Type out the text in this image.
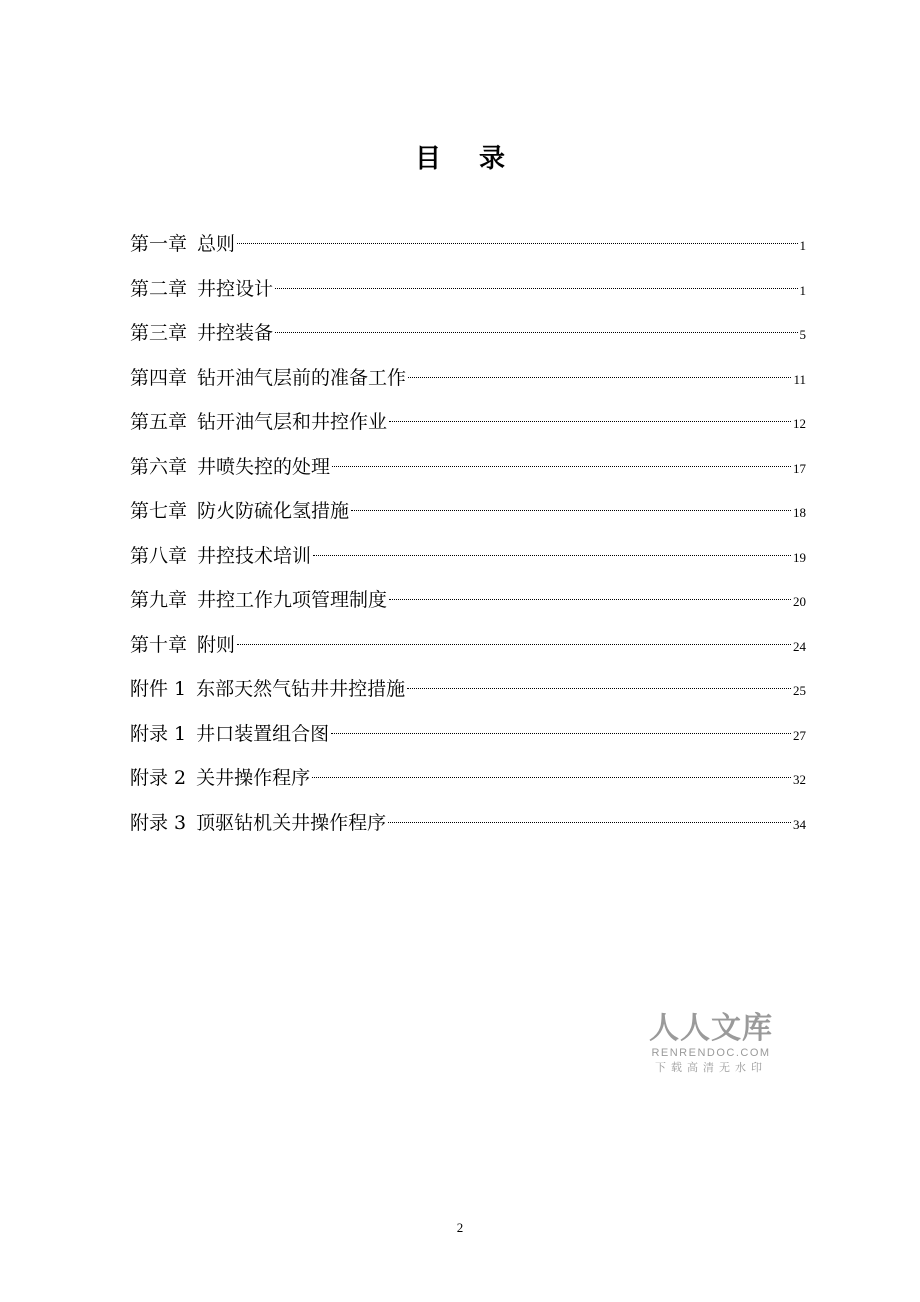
目录
第一章 总则	1
第二章 井控设计	1
第三章 井控装备	5
第四章 钻开油气层前的准备工作	11
第五章 钻开油气层和井控作业	12
第六章 井喷失控的处理	17
第七章 防火防硫化氢措施	18
第八章 井控技术培训	19
第九章 井控工作九项管理制度	20
第十章 附则	24
附件 1 东部天然气钻井井控措施	25
附录 1 井口装置组合图	27
附录 2 关井操作程序	32
附录 3 顶驱钻机关井操作程序	34
人人文库
RENRENDOC.COM
下载高清无水印
2
